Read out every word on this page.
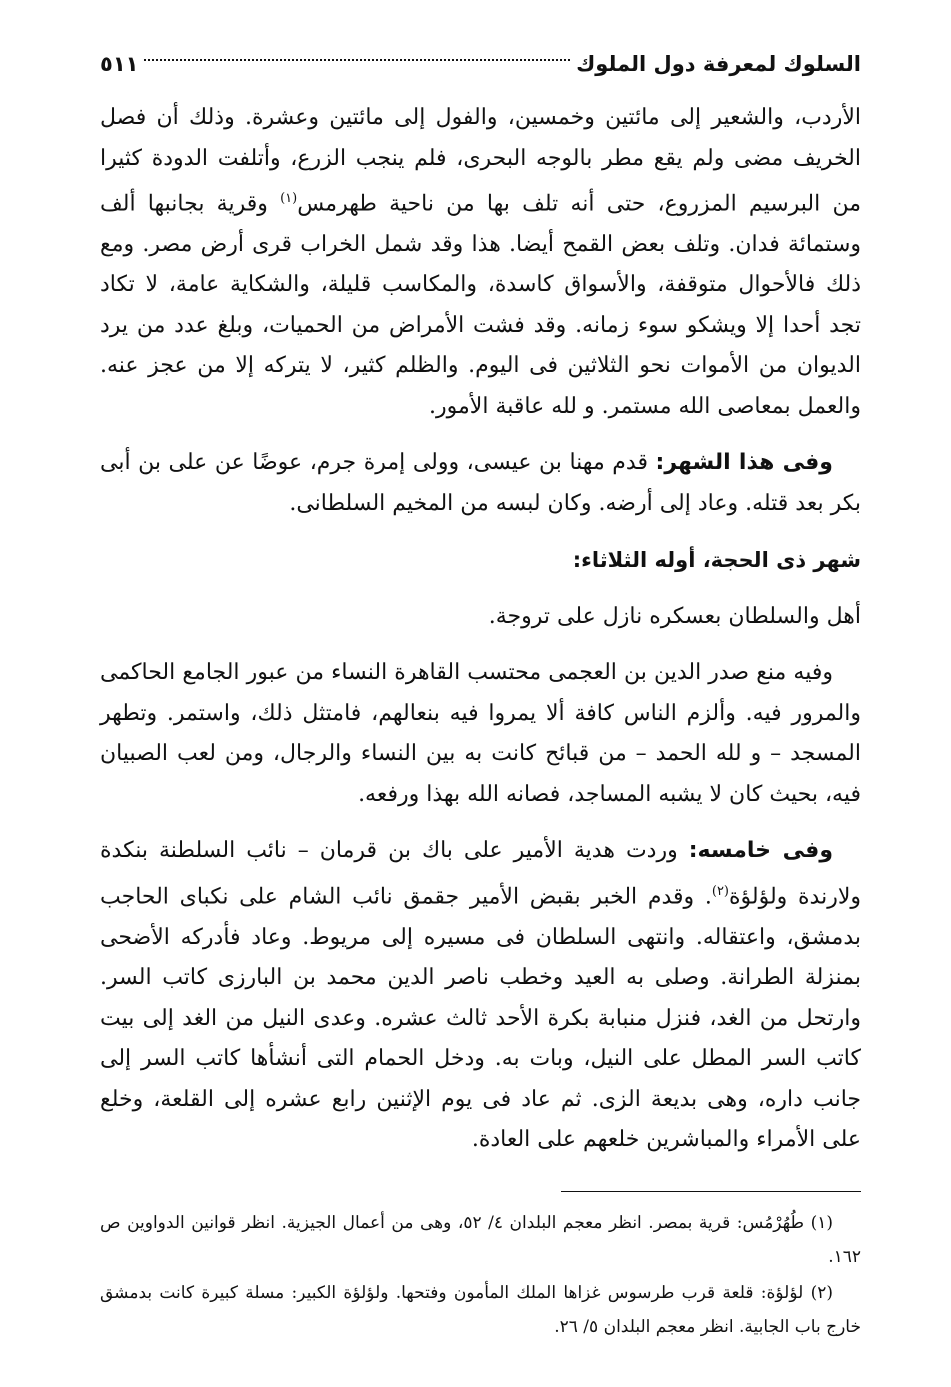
السلوك لمعرفة دول الملوك
٥١١

الأردب، والشعير إلى مائتين وخمسين، والفول إلى مائتين وعشرة. وذلك أن فصل الخريف مضى ولم يقع مطر بالوجه البحرى، فلم ينجب الزرع، وأتلفت الدودة كثيرا من البرسيم المزروع، حتى أنه تلف بها من ناحية طهرمس$^{(١)}$ وقرية بجانبها ألف وستمائة فدان. وتلف بعض القمح أيضا. هذا وقد شمل الخراب قرى أرض مصر. ومع ذلك فالأحوال متوقفة، والأسواق كاسدة، والمكاسب قليلة، والشكاية عامة، لا تكاد تجد أحدا إلا ويشكو سوء زمانه. وقد فشت الأمراض من الحميات، وبلغ عدد من يرد الديوان من الأموات نحو الثلاثين فى اليوم. والظلم كثير، لا يتركه إلا من عجز عنه. والعمل بمعاصى الله مستمر. و لله عاقبة الأمور.

وفى هذا الشهر: قدم مهنا بن عيسى، وولى إمرة جرم، عوضًا عن على بن أبى بكر بعد قتله. وعاد إلى أرضه. وكان لبسه من المخيم السلطانى.

شهر ذى الحجة، أوله الثلاثاء:

أهل والسلطان بعسكره نازل على تروجة.

وفيه منع صدر الدين بن العجمى محتسب القاهرة النساء من عبور الجامع الحاكمى والمرور فيه. وألزم الناس كافة ألا يمروا فيه بنعالهم، فامتثل ذلك، واستمر. وتطهر المسجد – و لله الحمد – من قبائح كانت به بين النساء والرجال، ومن لعب الصبيان فيه، بحيث كان لا يشبه المساجد، فصانه الله بهذا ورفعه.

وفى خامسه: وردت هدية الأمير على باك بن قرمان – نائب السلطنة بنكدة ولارندة ولؤلؤة$^{(٢)}$. وقدم الخبر بقبض الأمير جقمق نائب الشام على نكباى الحاجب بدمشق، واعتقاله. وانتهى السلطان فى مسيره إلى مريوط. وعاد فأدركه الأضحى بمنزلة الطرانة. وصلى به العيد وخطب ناصر الدين محمد بن البارزى كاتب السر. وارتحل من الغد، فنزل منبابة بكرة الأحد ثالث عشره. وعدى النيل من الغد إلى بيت كاتب السر المطل على النيل، وبات به. ودخل الحمام التى أنشأها كاتب السر إلى جانب داره، وهى بديعة الزى. ثم عاد فى يوم الإثنين رابع عشره إلى القلعة، وخلع على الأمراء والمباشرين خلعهم على العادة.

(١) طُهُرْمُس: قرية بمصر. انظر معجم البلدان ٤/ ٥٢، وهى من أعمال الجيزية. انظر قوانين الدواوين ص ١٦٢.

(٢) لؤلؤة: قلعة قرب طرسوس غزاها الملك المأمون وفتحها. ولؤلؤة الكبير: مسلة كبيرة كانت بدمشق خارج باب الجابية. انظر معجم البلدان ٥/ ٢٦.
